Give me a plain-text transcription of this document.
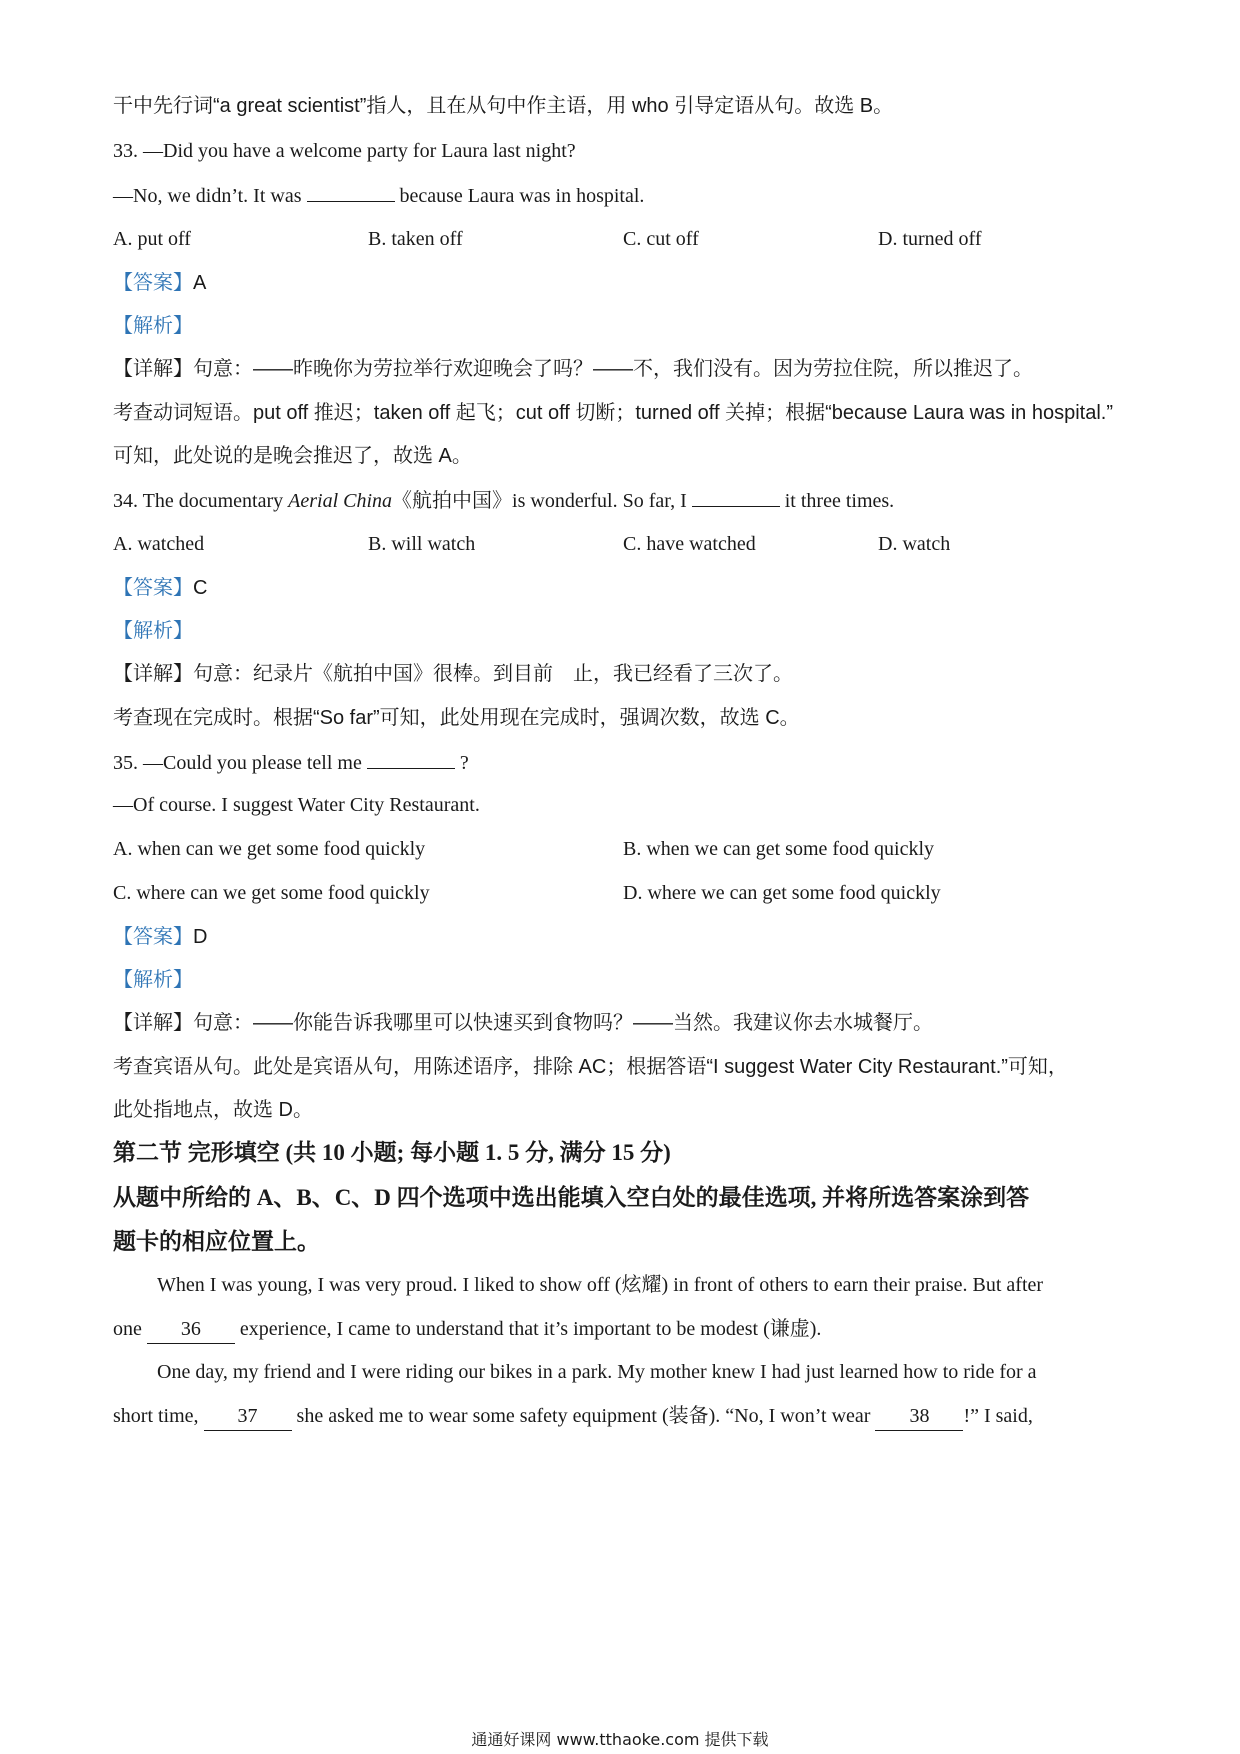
干中先行词“a great scientist”指人，且在从句中作主语，用 who 引导定语从句。故选 B。
33. —Did you have a welcome party for Laura last night?
—No, we didn’t. It was	because Laura was in hospital.
A. put off	B. taken off	C. cut off	D. turned off
【答案】A
【解析】
【详解】句意：——昨晚你为劳拉举行欢迎晚会了吗？——不，我们没有。因为劳拉住院，所以推迟了。
考查动词短语。put off 推迟；taken off 起飞；cut off 切断；turned off 关掉；根据“because Laura was in hospital.”
可知，此处说的是晚会推迟了，故选 A。
34. The documentary Aerial China《航拍中国》is wonderful. So far, I	it three times.
A. watched	B. will watch	C. have watched	D. watch
【答案】C
【解析】
【详解】句意：纪录片《航拍中国》很棒。到目前　止，我已经看了三次了。
考查现在完成时。根据“So far”可知，此处用现在完成时，强调次数，故选 C。
35. —Could you please tell me	?
—Of course. I suggest Water City Restaurant.
A. when can we get some food quickly	B. when we can get some food quickly
C. where can we get some food quickly	D. where we can get some food quickly
【答案】D
【解析】
【详解】句意：——你能告诉我哪里可以快速买到食物吗？——当然。我建议你去水城餐厅。
考查宾语从句。此处是宾语从句，用陈述语序，排除 AC；根据答语“I suggest Water City Restaurant.”可知，
此处指地点，故选 D。
第二节 完形填空 (共 10 小题; 每小题 1. 5 分, 满分 15 分)
从题中所给的 A、B、C、D 四个选项中选出能填入空白处的最佳选项, 并将所选答案涂到答
题卡的相应位置上。
When I was young, I was very proud. I liked to show off (炫耀) in front of others to earn their praise. But after
one 36 experience, I came to understand that it’s important to be modest (谦虚).
One day, my friend and I were riding our bikes in a park. My mother knew I had just learned how to ride for a
short time, 37 she asked me to wear some safety equipment (装备). “No, I won’t wear 38 !” I said,
通通好课网 www.tthaoke.com 提供下载
